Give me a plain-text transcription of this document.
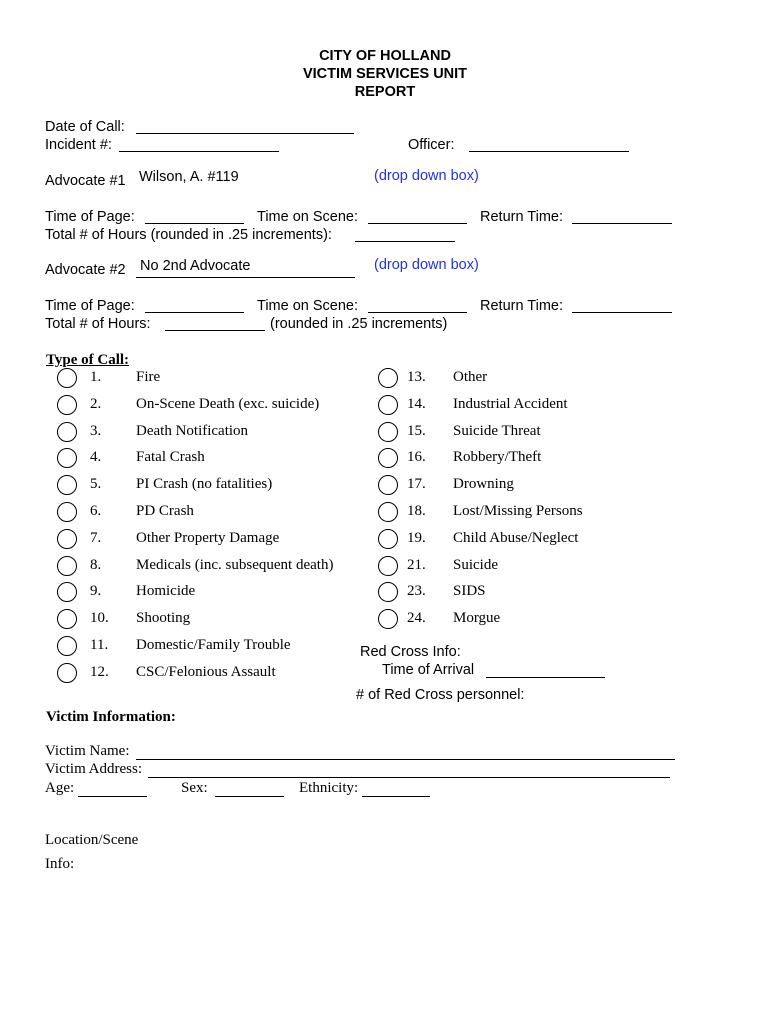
CITY OF HOLLAND
VICTIM SERVICES UNIT
REPORT
Date of Call:
Incident #:	Officer:
Advocate #1 Wilson, A. #119	(drop down box)
Time of Page:	Time on Scene:	Return Time:
Total # of Hours (rounded in .25 increments):
Advocate #2 No 2nd Advocate	(drop down box)
Time of Page:	Time on Scene:	Return Time:
Total # of Hours:	(rounded in .25 increments)
Type of Call:
1. Fire
2. On-Scene Death (exc. suicide)
3. Death Notification
4. Fatal Crash
5. PI Crash (no fatalities)
6. PD Crash
7. Other Property Damage
8. Medicals (inc. subsequent death)
9. Homicide
10. Shooting
11. Domestic/Family Trouble
12. CSC/Felonious Assault
13. Other
14. Industrial Accident
15. Suicide Threat
16. Robbery/Theft
17. Drowning
18. Lost/Missing Persons
19. Child Abuse/Neglect
21. Suicide
23. SIDS
24. Morgue
Red Cross Info:
Time of Arrival
# of Red Cross personnel:
Victim Information:
Victim Name:
Victim Address:
Age:	Sex:	Ethnicity:
Location/Scene
Info:
